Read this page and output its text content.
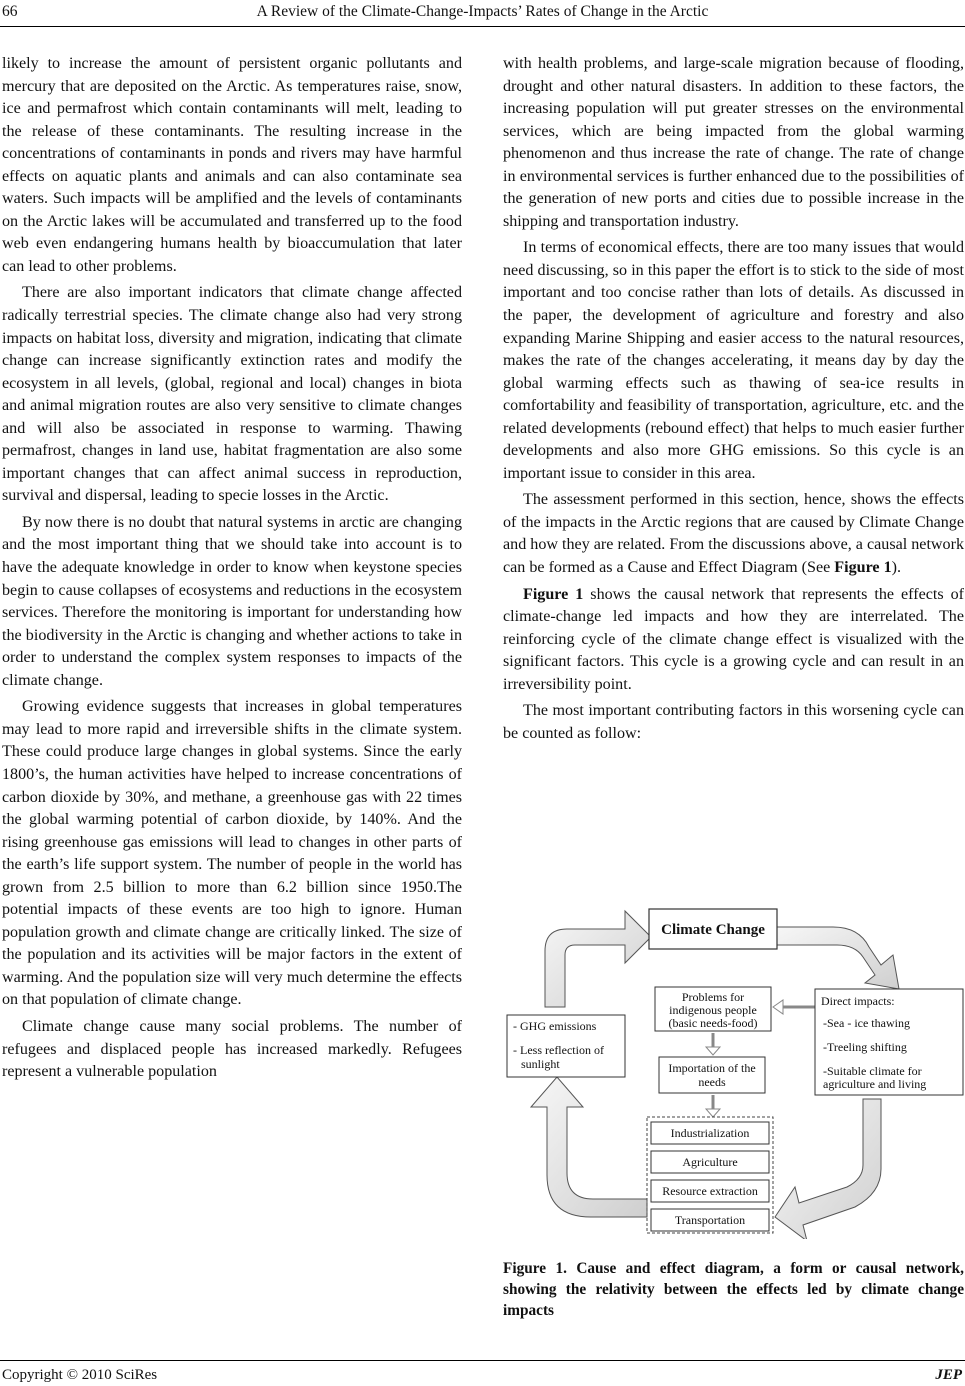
66	A Review of the Climate-Change-Impacts’ Rates of Change in the Arctic

likely to increase the amount of persistent organic pollutants and mercury that are deposited on the Arctic. As temperatures raise, snow, ice and permafrost which contain contaminants will melt, leading to the release of these contaminants. The resulting increase in the concentrations of contaminants in ponds and rivers may have harmful effects on aquatic plants and animals and can also contaminate sea waters. Such impacts will be amplified and the levels of contaminants on the Arctic lakes will be accumulated and transferred up to the food web even endangering humans health by bioaccumulation that later can lead to other problems.

There are also important indicators that climate change affected radically terrestrial species. The climate change also had very strong impacts on habitat loss, diversity and migration, indicating that climate change can increase significantly extinction rates and modify the ecosystem in all levels, (global, regional and local) changes in biota and animal migration routes are also very sensitive to climate changes and will also be associated in response to warming. Thawing permafrost, changes in land use, habitat fragmentation are also some important changes that can affect animal success in reproduction, survival and dispersal, leading to specie losses in the Arctic.

By now there is no doubt that natural systems in arctic are changing and the most important thing that we should take into account is to have the adequate knowledge in order to know when keystone species begin to cause collapses of ecosystems and reductions in the ecosystem services. Therefore the monitoring is important for understanding how the biodiversity in the Arctic is changing and whether actions to take in order to understand the complex system responses to impacts of the climate change.

Growing evidence suggests that increases in global temperatures may lead to more rapid and irreversible shifts in the climate system. These could produce large changes in global systems. Since the early 1800’s, the human activities have helped to increase concentrations of carbon dioxide by 30%, and methane, a greenhouse gas with 22 times the global warming potential of carbon dioxide, by 140%. And the rising greenhouse gas emissions will lead to changes in other parts of the earth’s life support system. The number of people in the world has grown from 2.5 billion to more than 6.2 billion since 1950.The potential impacts of these events are too high to ignore. Human population growth and climate change are critically linked. The size of the population and its activities will be major factors in the extent of warming. And the population size will very much determine the effects on that population of climate change.

Climate change cause many social problems. The number of refugees and displaced people has increased markedly. Refugees represent a vulnerable population

with health problems, and large-scale migration because of flooding, drought and other natural disasters. In addition to these factors, the increasing population will put greater stresses on the environmental services, which are being impacted from the global warming phenomenon and thus increase the rate of change. The rate of change in environmental services is further enhanced due to the possibilities of the generation of new ports and cities due to possible increase in the shipping and transportation industry.

In terms of economical effects, there are too many issues that would need discussing, so in this paper the effort is to stick to the side of most important and too concise rather than lots of details. As discussed in the paper, the development of agriculture and forestry and also expanding Marine Shipping and easier access to the natural resources, makes the rate of the changes accelerating, it means day by day the global warming effects such as thawing of sea-ice results in comfortability and feasibility of transportation, agriculture, etc. and the related developments (rebound effect) that helps to much easier further developments and also more GHG emissions. So this cycle is an important issue to consider in this area.

The assessment performed in this section, hence, shows the effects of the impacts in the Arctic regions that are caused by Climate Change and how they are related. From the discussions above, a causal network can be formed as a Cause and Effect Diagram (See Figure 1).

Figure 1 shows the causal network that represents the effects of climate-change led impacts and how they are interrelated. The reinforcing cycle of the climate change effect is visualized with the significant factors. This cycle is a growing cycle and can result in an irreversibility point.

The most important contributing factors in this worsening cycle can be counted as follow:

Climate Change
Problems for
indigenous people
(basic needs-food)
Importation of the
needs
Direct impacts:
-Sea - ice thawing
-Treeling shifting
-Suitable climate for
agriculture and living
- GHG emissions
- Less reflection of
sunlight
Industrialization
Agriculture
Resource extraction
Transportation
Figure 1. Cause and effect diagram, a form or causal network, showing the relativity between the effects led by climate change impacts
Copyright © 2010 SciRes	JEP
